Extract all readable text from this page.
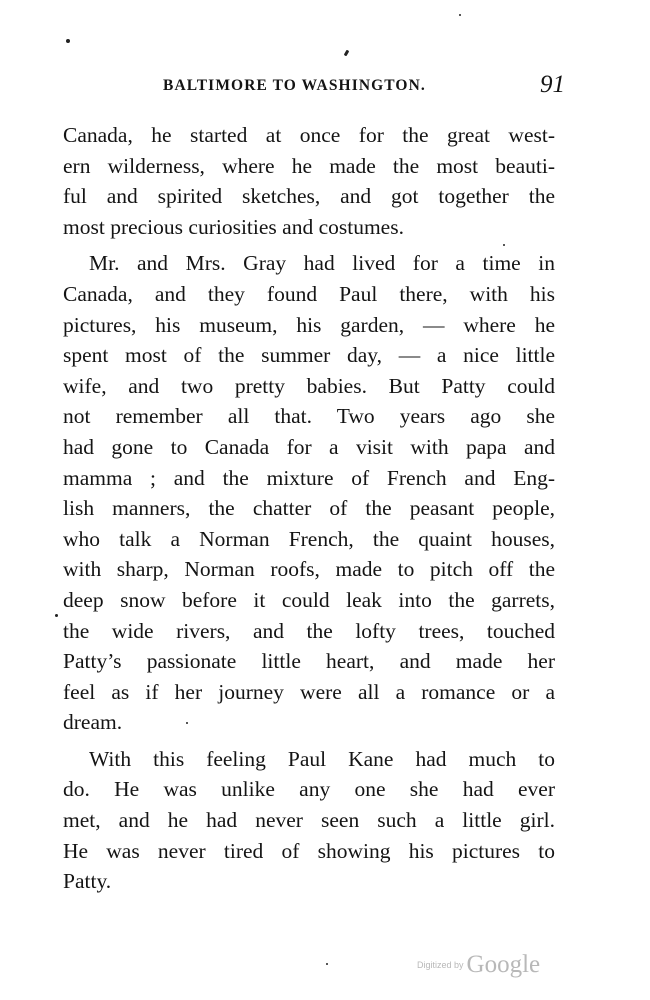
BALTIMORE TO WASHINGTON.	91
Canada, he started at once for the great west-
ern wilderness, where he made the most beauti-
ful and spirited sketches, and got together the
most precious curiosities and costumes.
Mr. and Mrs. Gray had lived for a time in
Canada, and they found Paul there, with his
pictures, his museum, his garden, — where he
spent most of the summer day, — a nice little
wife, and two pretty babies. But Patty could
not remember all that. Two years ago she
had gone to Canada for a visit with papa and
mamma ; and the mixture of French and Eng-
lish manners, the chatter of the peasant people,
who talk a Norman French, the quaint houses,
with sharp, Norman roofs, made to pitch off the
deep snow before it could leak into the garrets,
the wide rivers, and the lofty trees, touched
Patty’s passionate little heart, and made her
feel as if her journey were all a romance or a
dream.
With this feeling Paul Kane had much to
do. He was unlike any one she had ever
met, and he had never seen such a little girl.
He was never tired of showing his pictures to
Patty.
Digitized by Google
